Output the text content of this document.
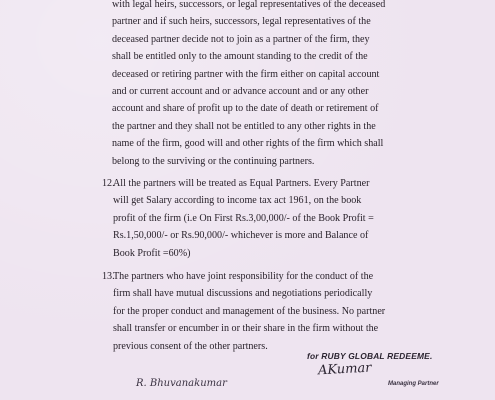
with legal heirs, successors, or legal representatives of the deceased
partner and if such heirs, successors, legal representatives of the
deceased partner decide not to join as a partner of the firm, they
shall be entitled only to the amount standing to the credit of the
deceased or retiring partner with the firm either on capital account
and or current account and or advance account and or any other
account and share of profit up to the date of death or retirement of
the partner and they shall not be entitled to any other rights in the
name of the firm, good will and other rights of the firm which shall
belong to the surviving or the continuing partners.
12.
All the partners will be treated as Equal Partners. Every Partner
will get Salary according to income tax act 1961, on the book
profit of the firm (i.e On First Rs.3,00,000/- of the Book Profit =
Rs.1,50,000/- or Rs.90,000/- whichever is more and Balance of
Book Profit =60%)
13.
The partners who have joint responsibility for the conduct of the
firm shall have mutual discussions and negotiations periodically
for the proper conduct and management of the business. No partner
shall transfer or encumber in or their share in the firm without the
previous consent of the other partners.
for RUBY GLOBAL REDEEME.
R. Bhuvanakumar
AKumar
Managing Partner
